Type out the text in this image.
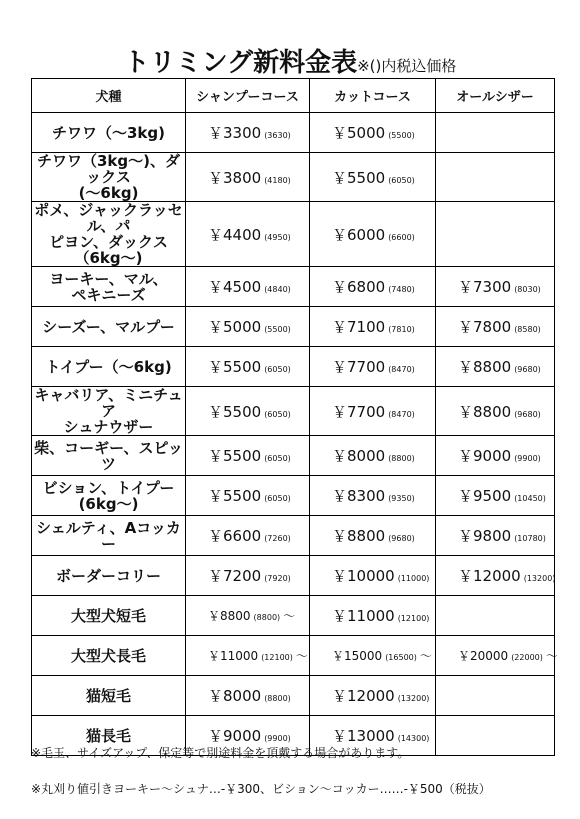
トリミング新料金表※()内税込価格
犬種	シャンプーコース	カットコース	オールシザー
チワワ（～3kg)	￥3300 (3630)	￥5000 (5500)	

チワワ（3kg～)、ダックス
(～6kg)	￥3800 (4180)	￥5500 (6050)	

ポメ、ジャックラッセル、パ
ピヨン、ダックス（6kg～)	￥4400 (4950)	￥6000 (6600)	

ヨーキー、マル、
ペキニーズ	￥4500 (4840)	￥6800 (7480)	￥7300 (8030)

シーズー、マルプー	￥5000 (5500)	￥7100 (7810)	￥7800 (8580)

トイプー（～6kg)	￥5500 (6050)	￥7700 (8470)	￥8800 (9680)

キャバリア、ミニチュア
シュナウザー	￥5500 (6050)	￥7700 (8470)	￥8800 (9680)

柴、コーギー、スピッツ	￥5500 (6050)	￥8000 (8800)	￥9000 (9900)

ビション、トイプー
(6kg～)	￥5500 (6050)	￥8300 (9350)	￥9500 (10450)

シェルティ、Aコッカー	￥6600 (7260)	￥8800 (9680)	￥9800 (10780)

ボーダーコリー	￥7200 (7920)	￥10000 (11000)	￥12000 (13200)

大型犬短毛	￥8800 (8800) ～	￥11000 (12100)	

大型犬長毛	￥11000 (12100) ～	￥15000 (16500) ～	￥20000 (22000) ～

猫短毛	￥8000 (8800)	￥12000 (13200)	

猫長毛	￥9000 (9900)	￥13000 (14300)	

※毛玉、サイズアップ、保定等で別途料金を頂戴する場合があります。
※丸刈り値引きヨーキー～シュナ…-￥300、ビション～コッカー……-￥500（税抜）
